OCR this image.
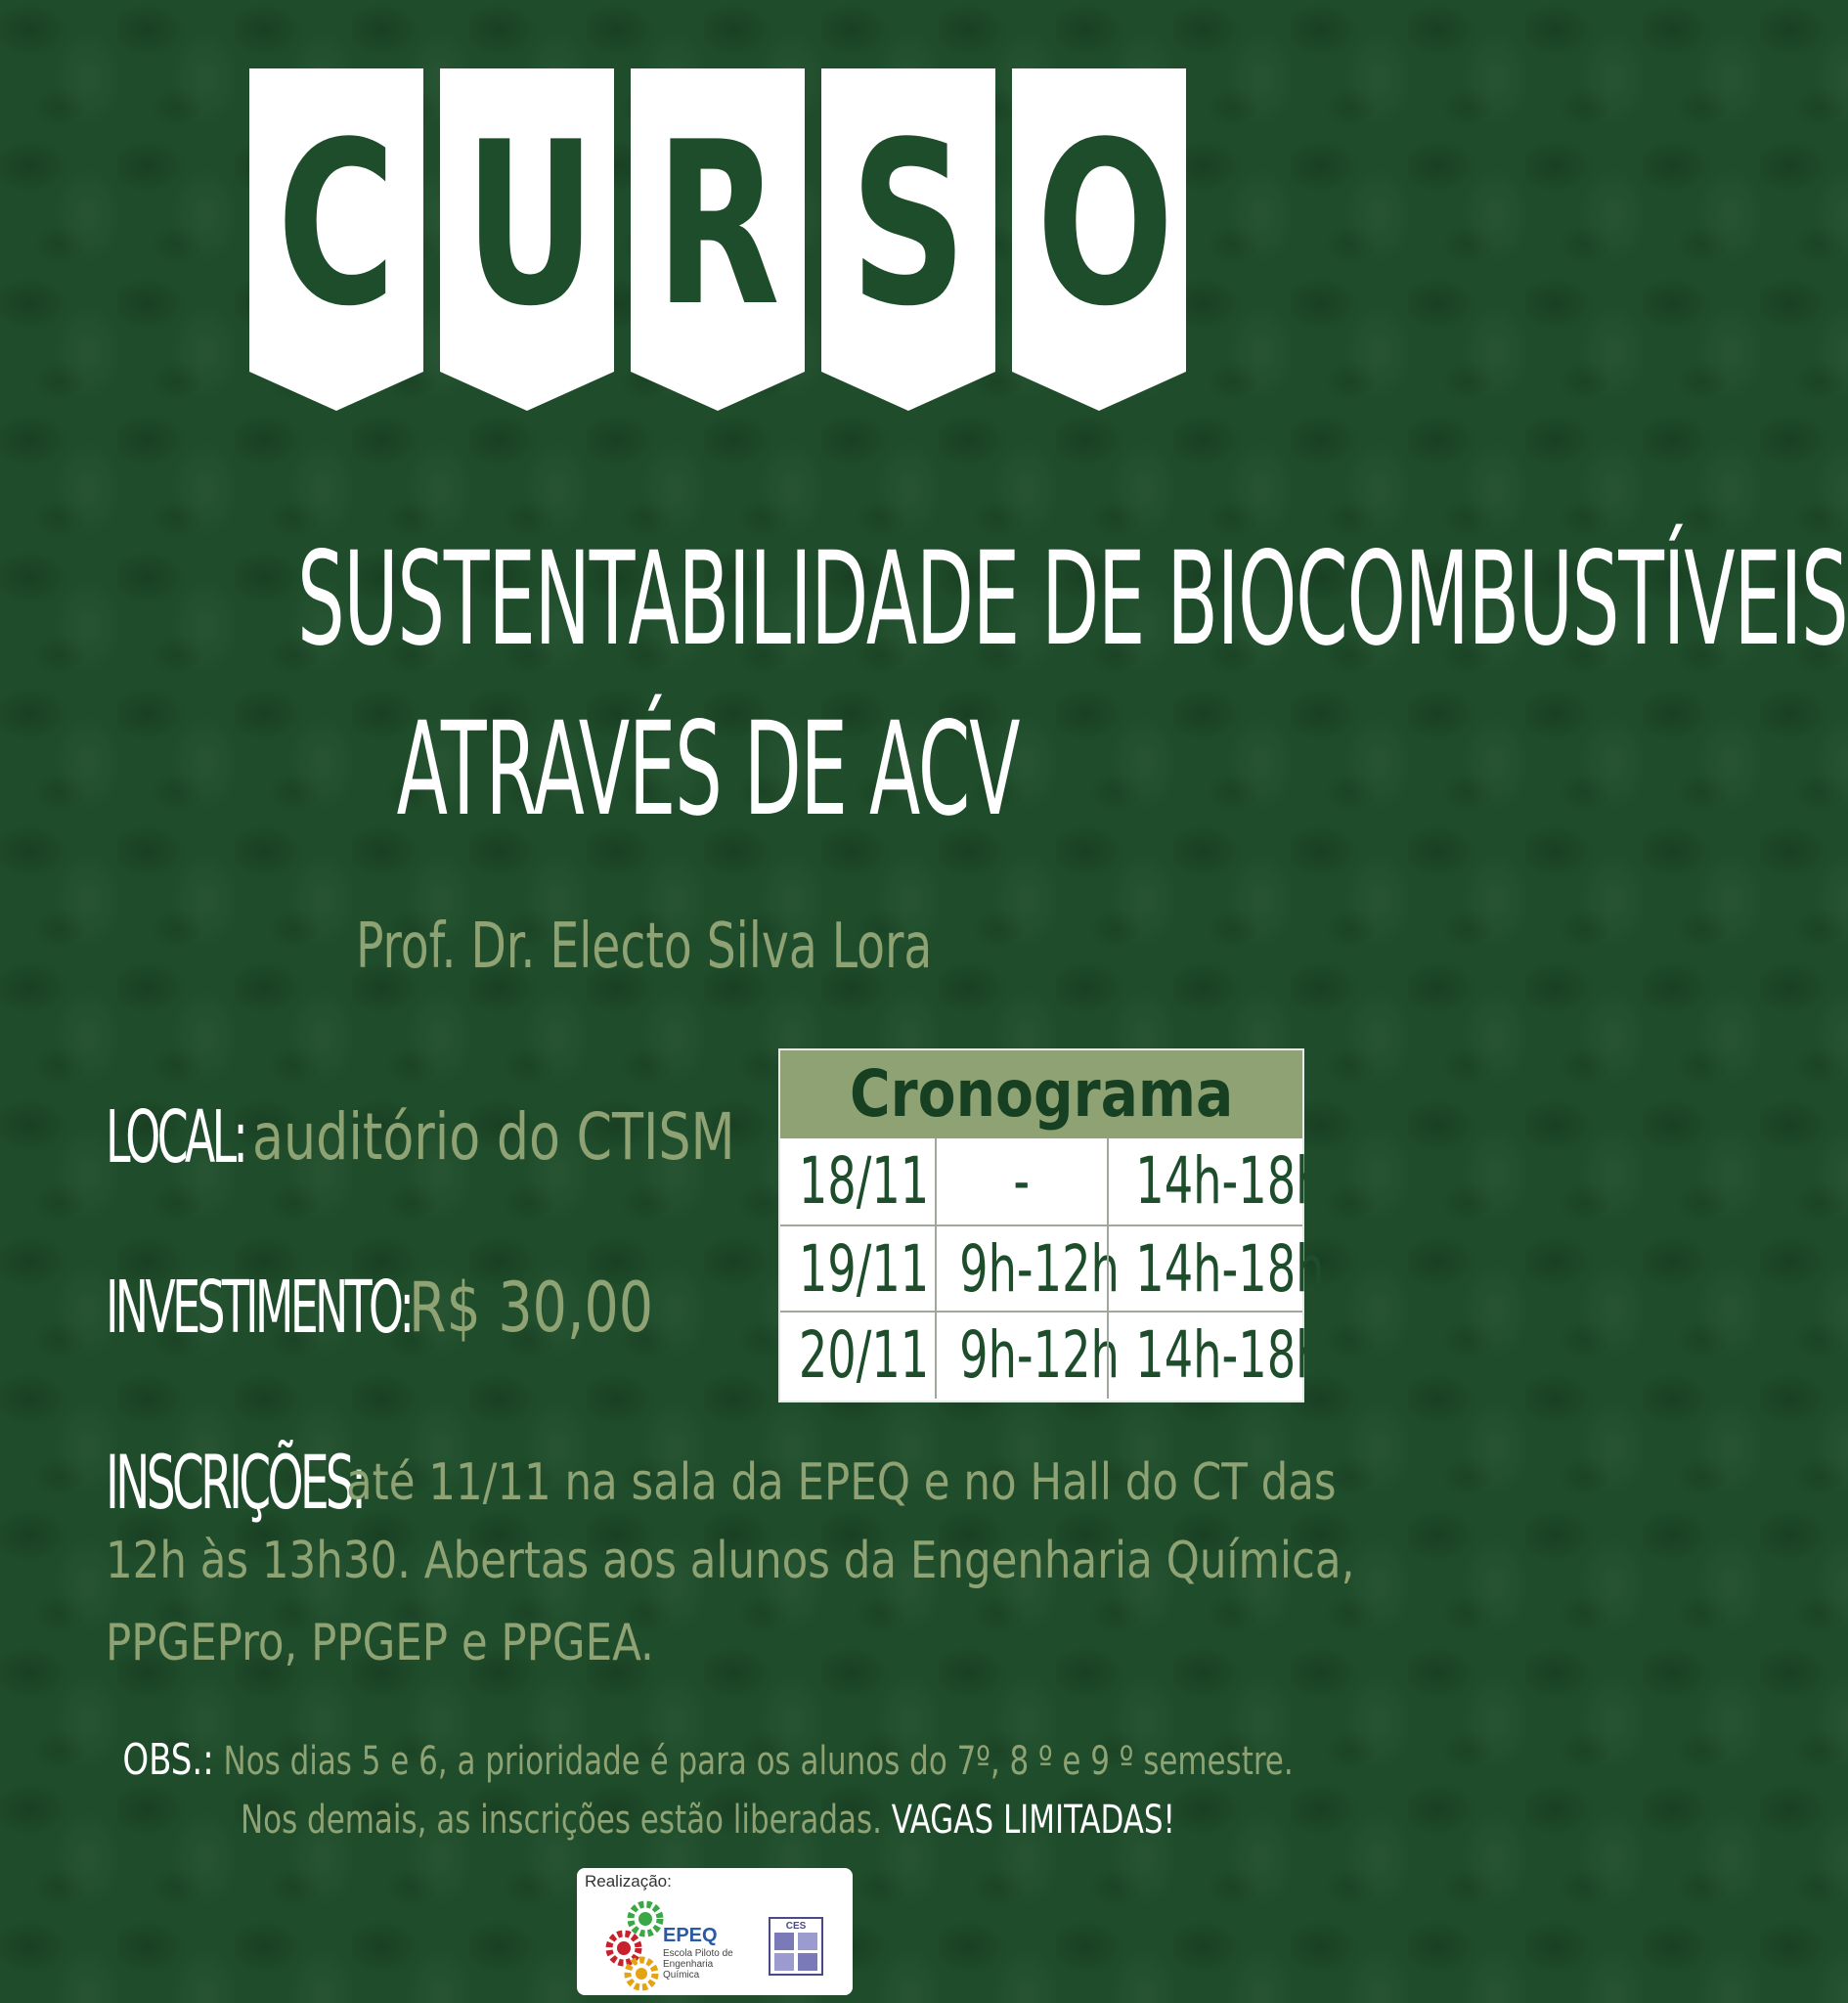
C U R S O
SUSTENTABILIDADE DE BIOCOMBUSTÍVEIS
ATRAVÉS DE ACV
Prof. Dr. Electo Silva Lora
LOCAL: auditório do CTISM
INVESTIMENTO:
R$ 30,00
Cronograma
18/11	-	14h-18h
19/11 9h-12h 14h-18h
20/11 9h-12h 14h-18h
INSCRIÇÕES:
até 11/11 na sala da EPEQ e no Hall do CT das
12h às 13h30. Abertas aos alunos da Engenharia Química,
PPGEPro, PPGEP e PPGEA.
OBS.: Nos dias 5 e 6, a prioridade é para os alunos do 7º, 8 º e 9 º semestre.
Nos demais, as inscrições estão liberadas. VAGAS LIMITADAS!
Realização:
EPEQ
Escola Piloto de Engenharia Química
CES
